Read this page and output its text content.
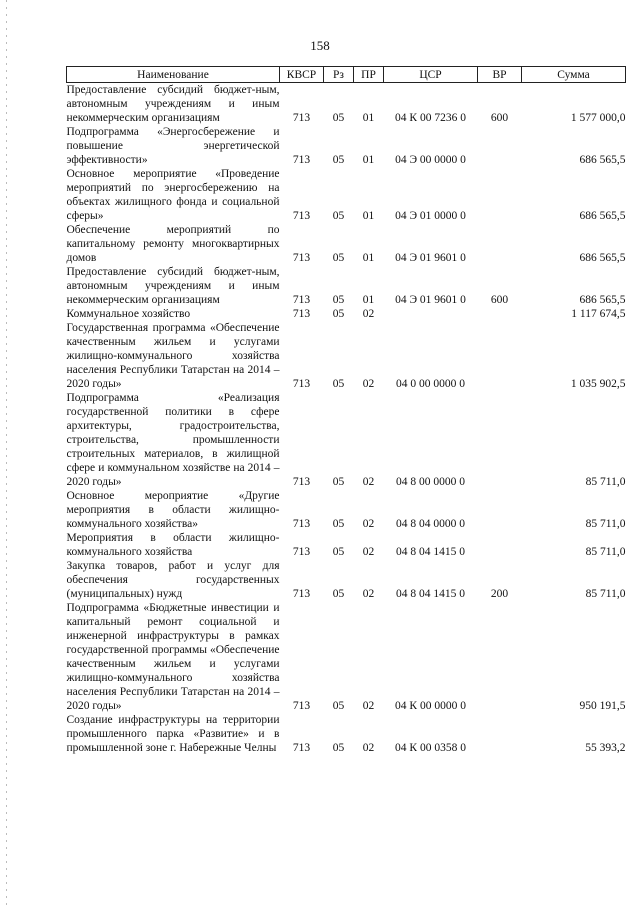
158
Наименование	КВСР	Рз	ПР	ЦСР	ВР	Сумма
Предоставление субсидий бюджет-ным, автономным учреждениям и иным некоммерческим организациям	713	05	01	04 К 00 7236 0	600	1 577 000,0
Подпрограмма «Энергосбережение и повышение энергетической эффективности»	713	05	01	04 Э 00 0000 0		686 565,5
Основное мероприятие «Проведение мероприятий по энергосбережению на объектах жилищного фонда и социальной сферы»	713	05	01	04 Э 01 0000 0		686 565,5
Обеспечение мероприятий по капитальному ремонту многоквартирных домов	713	05	01	04 Э 01 9601 0		686 565,5
Предоставление субсидий бюджет-ным, автономным учреждениям и иным некоммерческим организациям	713	05	01	04 Э 01 9601 0	600	686 565,5
Коммунальное хозяйство	713	05	02			1 117 674,5
Государственная программа «Обеспечение качественным жильем и услугами жилищно-коммунального хозяйства населения Республики Татарстан на 2014 – 2020 годы»	713	05	02	04 0 00 0000 0		1 035 902,5
Подпрограмма «Реализация государственной политики в сфере архитектуры, градостроительства, строительства, промышленности строительных материалов, в жилищной сфере и коммунальном хозяйстве на 2014 – 2020 годы»	713	05	02	04 8 00 0000 0		85 711,0
Основное мероприятие «Другие мероприятия в области жилищно-коммунального хозяйства»	713	05	02	04 8 04 0000 0		85 711,0
Мероприятия в области жилищно-коммунального хозяйства	713	05	02	04 8 04 1415 0		85 711,0
Закупка товаров, работ и услуг для обеспечения государственных (муниципальных) нужд	713	05	02	04 8 04 1415 0	200	85 711,0
Подпрограмма «Бюджетные инвестиции и капитальный ремонт социальной и инженерной инфраструктуры в рамках государственной программы «Обеспечение качественным жильем и услугами жилищно-коммунального хозяйства населения Республики Татарстан на 2014 – 2020 годы»	713	05	02	04 К 00 0000 0		950 191,5
Создание инфраструктуры на территории промышленного парка «Развитие» и в промышленной зоне г. Набережные Челны	713	05	02	04 К 00 0358 0		55 393,2
